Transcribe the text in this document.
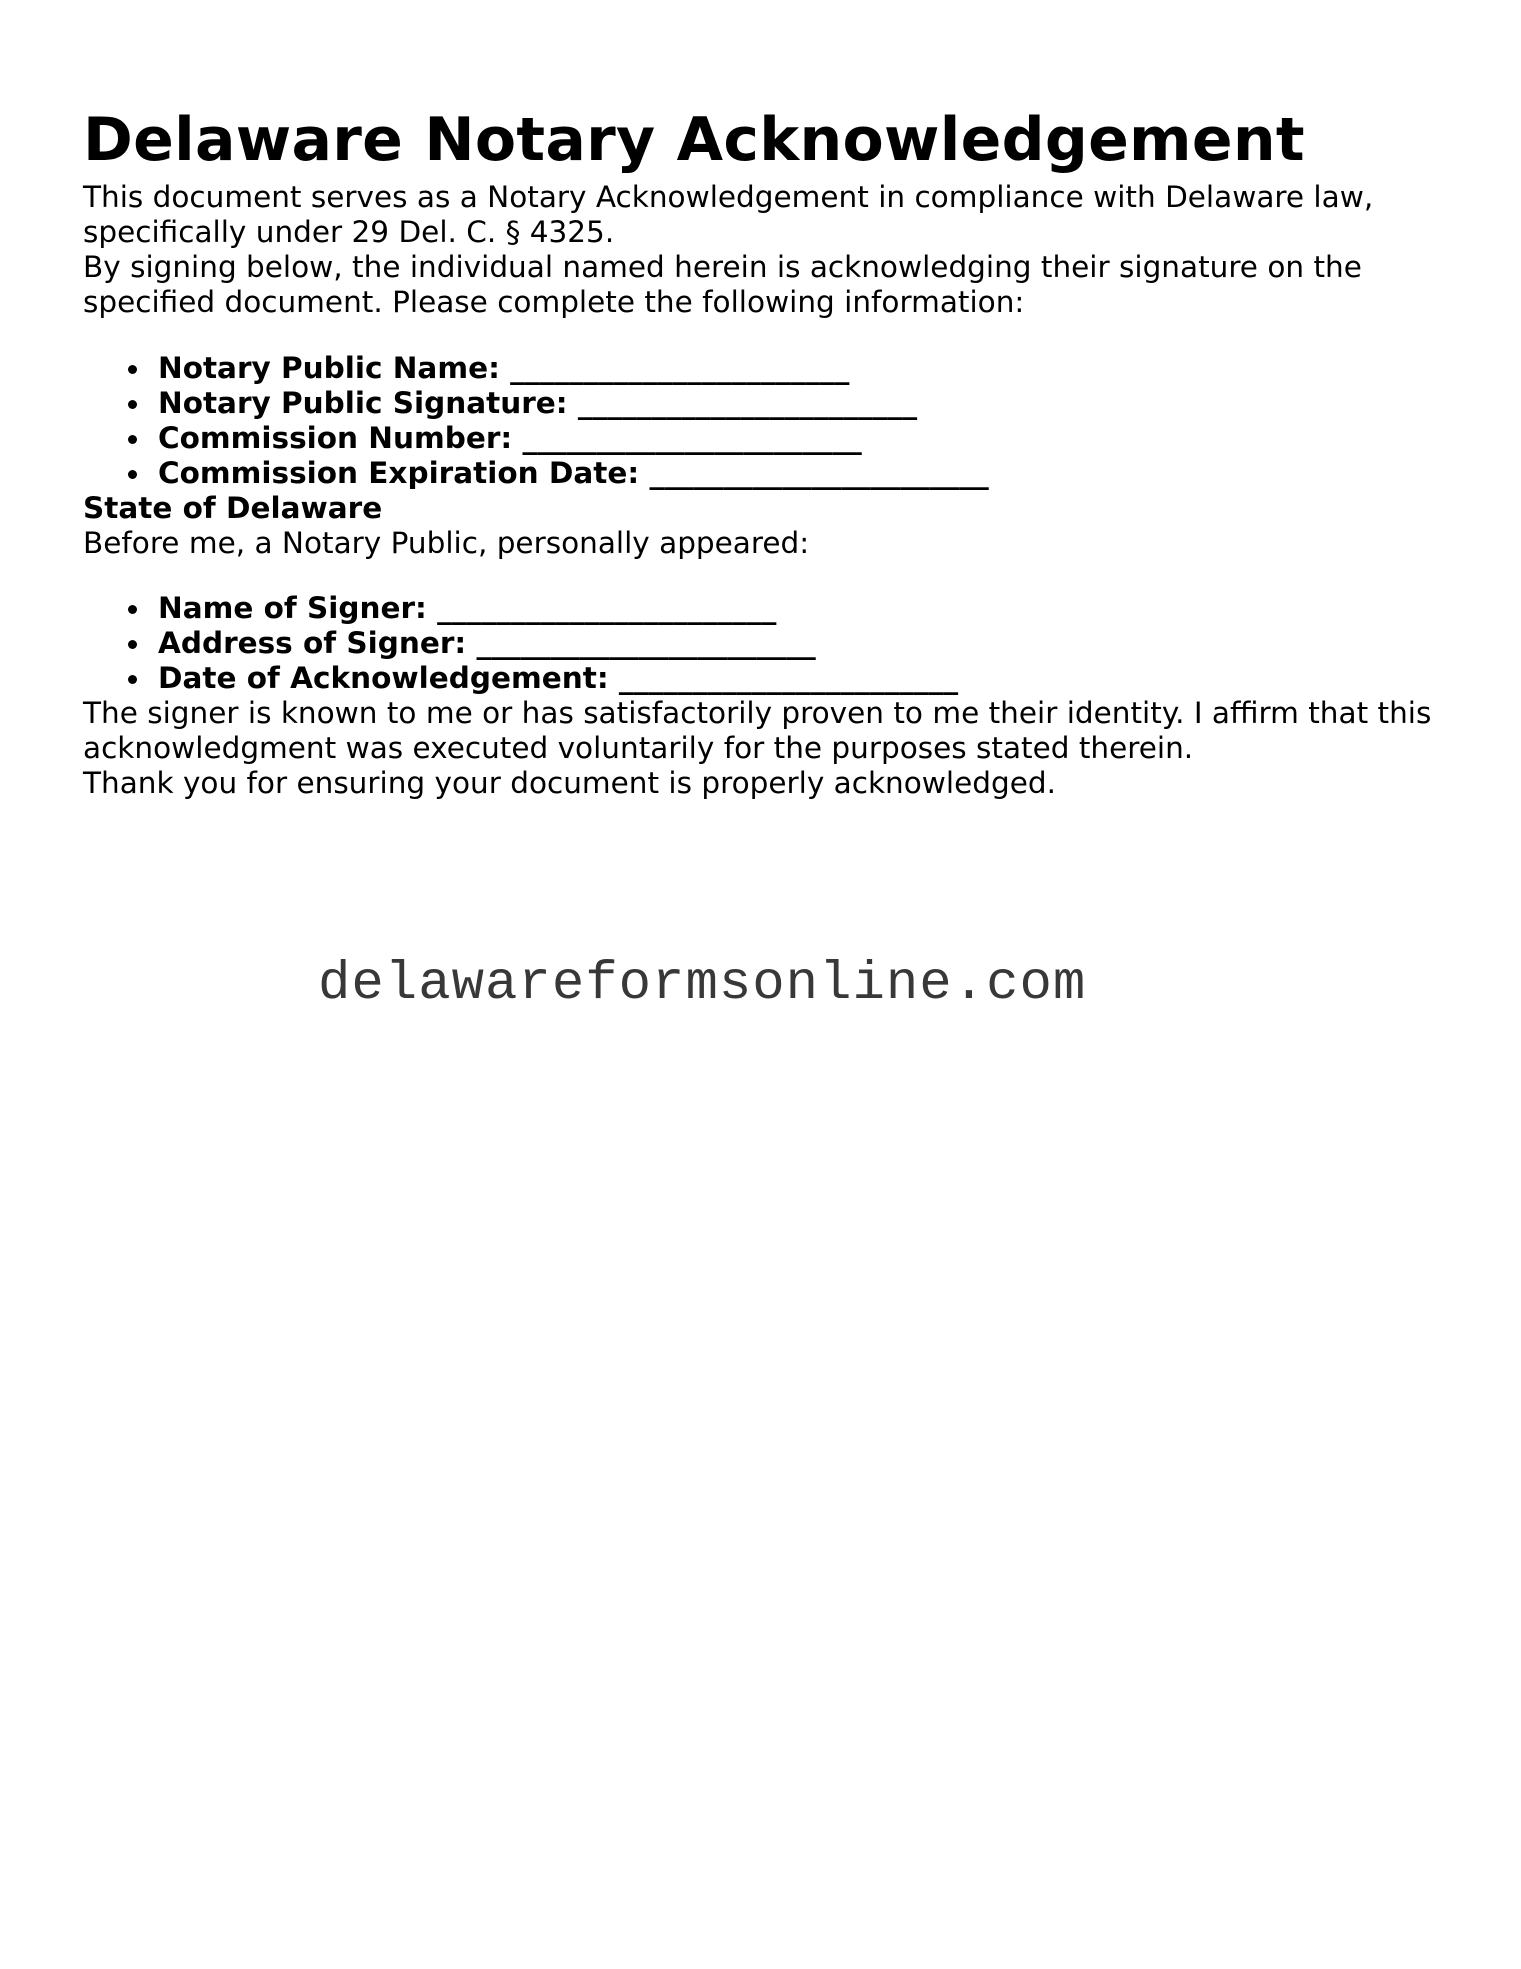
Delaware Notary Acknowledgement

This document serves as a Notary Acknowledgement in compliance with Delaware law, specifically under 29 Del. C. § 4325.

By signing below, the individual named herein is acknowledging their signature on the specified document. Please complete the following information:

Notary Public Name: _______________________
Notary Public Signature: _______________________
Commission Number: _______________________
Commission Expiration Date: _______________________

State of Delaware

Before me, a Notary Public, personally appeared:

Name of Signer: _______________________
Address of Signer: _______________________
Date of Acknowledgement: _______________________

The signer is known to me or has satisfactorily proven to me their identity. I affirm that this acknowledgment was executed voluntarily for the purposes stated therein.

Thank you for ensuring your document is properly acknowledged.

delawareformsonline.com
